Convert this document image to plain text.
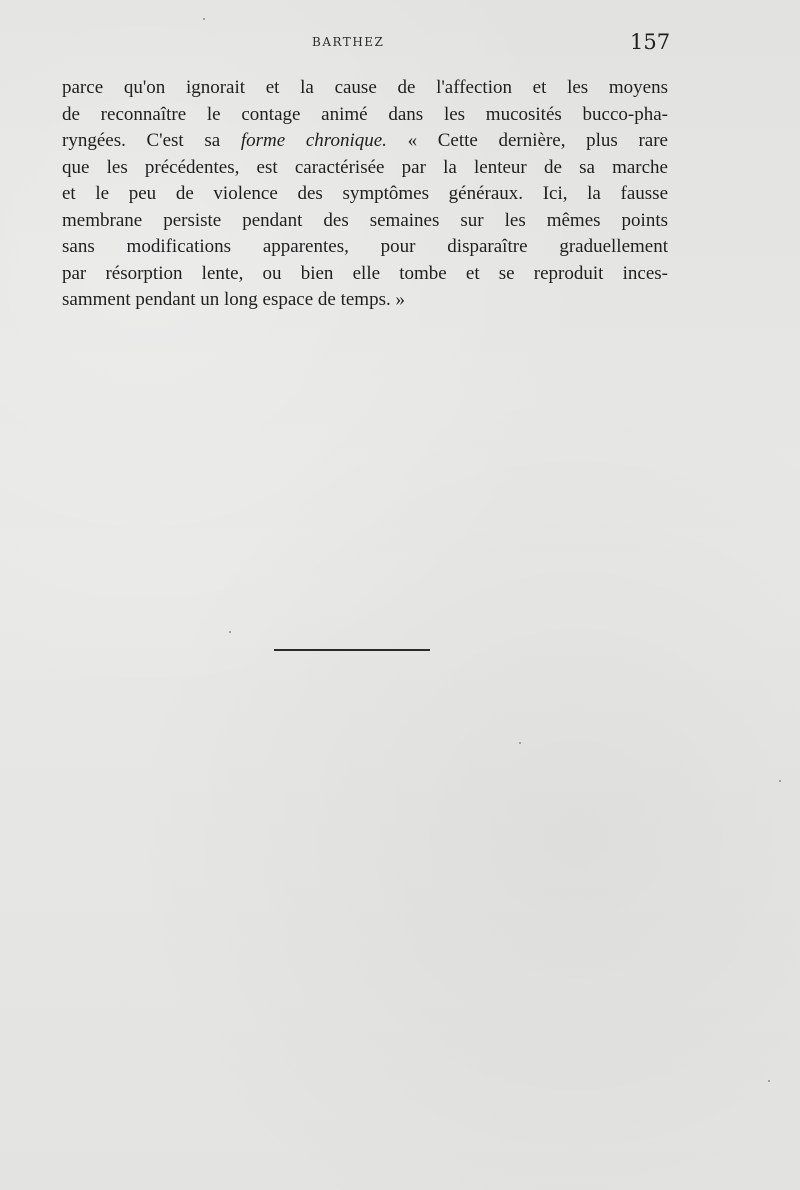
BARTHEZ	157
parce qu'on ignorait et la cause de l'affection et les moyens
de reconnaître le contage animé dans les mucosités bucco-pha-
ryngées. C'est sa forme chronique. « Cette dernière, plus rare
que les précédentes, est caractérisée par la lenteur de sa marche
et le peu de violence des symptômes généraux. Ici, la fausse
membrane persiste pendant des semaines sur les mêmes points
sans modifications apparentes, pour disparaître graduellement
par résorption lente, ou bien elle tombe et se reproduit inces-
samment pendant un long espace de temps. »
